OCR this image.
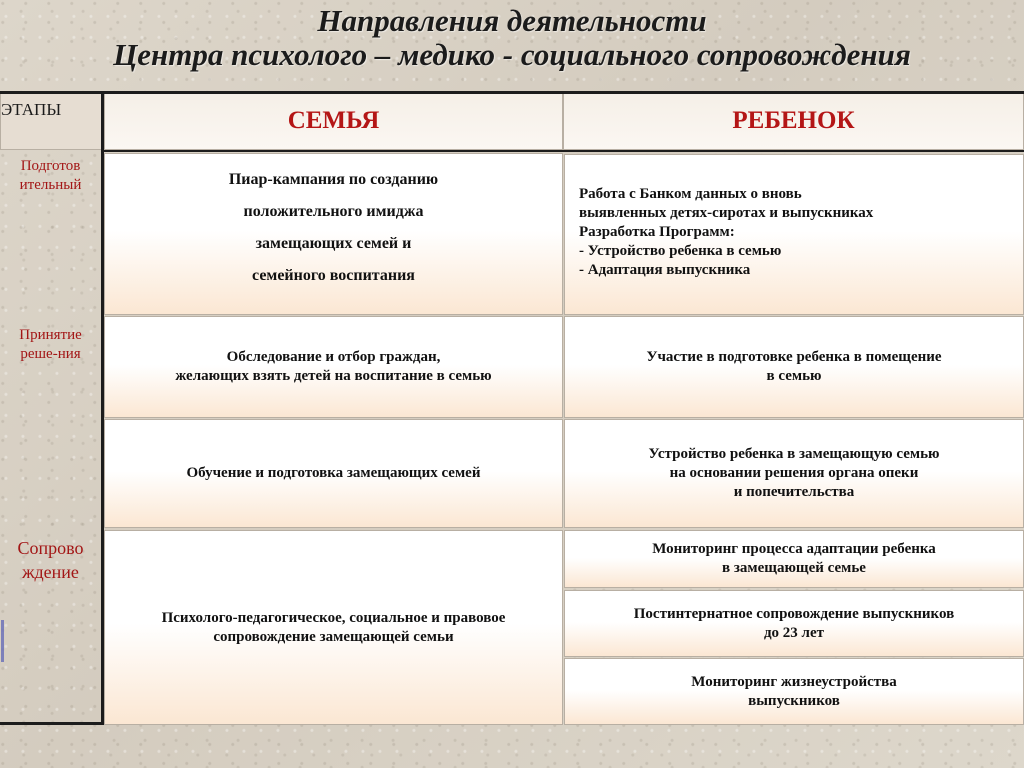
Направления деятельности
Центра психолого – медико - социального сопровождения
ЭТАПЫ	СЕМЬЯ	РЕБЕНОК
Подготов
ительный
Принятие
реше-ния
Сопрово
ждение
Пиар-кампания по созданию
положительного имиджа
замещающих семей и
семейного воспитания
Работа с Банком данных о вновь
выявленных детях-сиротах и выпускниках
Разработка Программ:
- Устройство ребенка в семью
- Адаптация выпускника
Обследование и отбор граждан,
желающих взять детей на воспитание в семью
Участие в подготовке ребенка в помещение
в семью
Обучение и подготовка замещающих семей
Устройство ребенка в замещающую семью
на основании решения органа опеки
и попечительства
Психолого-педагогическое, социальное и правовое
сопровождение замещающей семьи
Мониторинг процесса адаптации ребенка
в замещающей семье
Постинтернатное сопровождение выпускников
до 23 лет
Мониторинг жизнеустройства
выпускников
